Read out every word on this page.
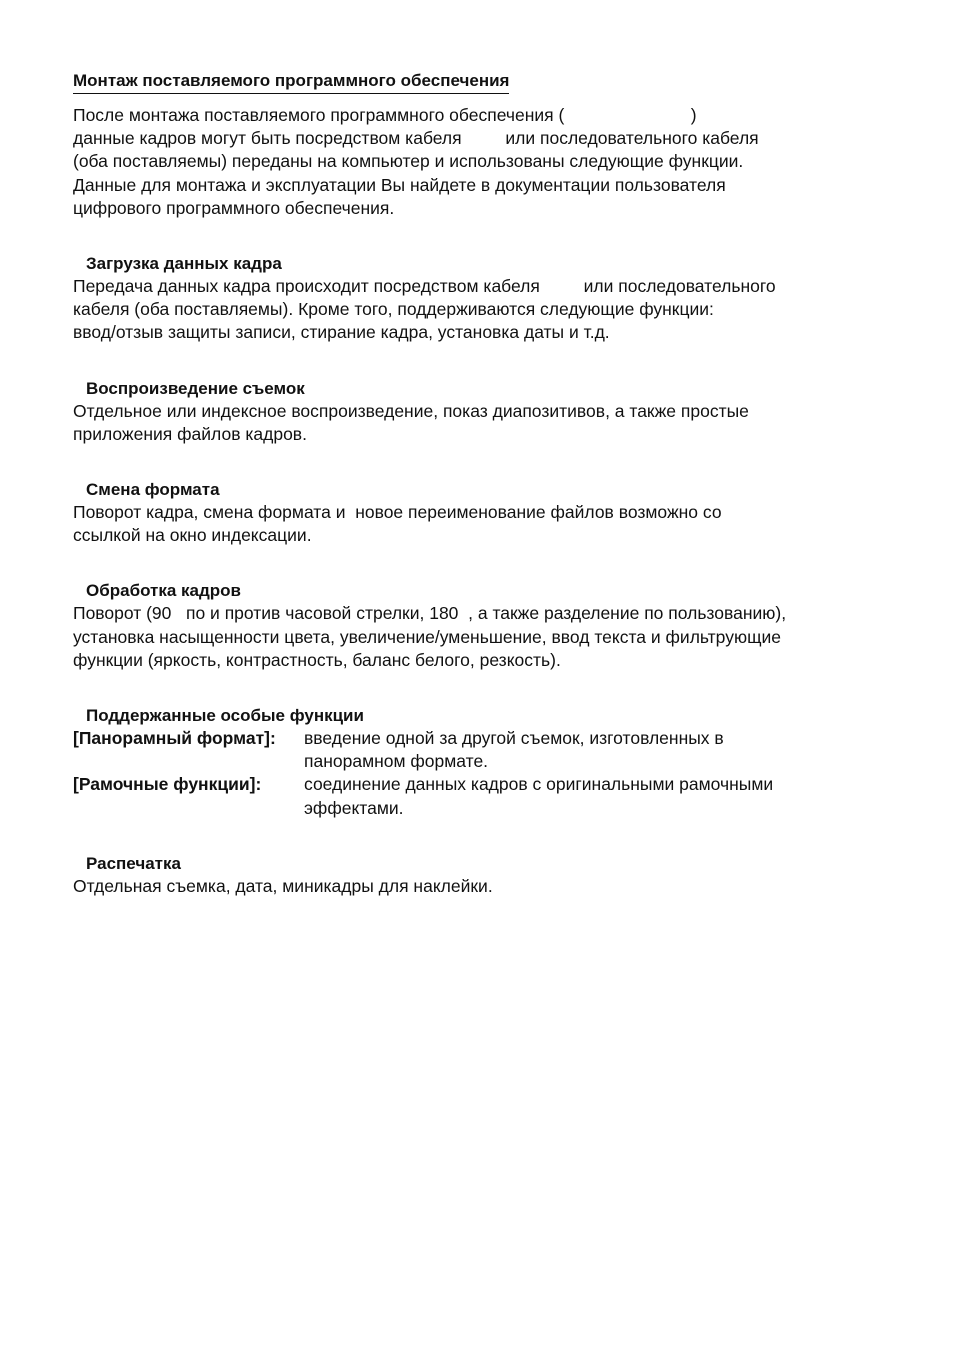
Монтаж поставляемого программного обеспечения

После монтажа поставляемого программного обеспечения (                          )
данные кадров могут быть посредством кабеля         или последовательного кабеля
(оба поставляемы) переданы на компьютер и использованы следующие функции.
Данные для монтажа и эксплуатации Вы найдете в документации пользователя
цифрового программного обеспечения.

Загрузка данных кадра

Передача данных кадра происходит посредством кабеля         или последовательного
кабеля (оба поставляемы). Кроме того, поддерживаются следующие функции:
ввод/отзыв защиты записи, стирание кадра, установка даты и т.д.

Воспроизведение съемок

Отдельное или индексное воспроизведение, показ диапозитивов, а также простые
приложения файлов кадров.

Смена формата

Поворот кадра, смена формата и  новое переименование файлов возможно со
ссылкой на окно индексации.

Обработка кадров

Поворот (90   по и против часовой стрелки, 180  , а также разделение по пользованию),
установка насыщенности цвета, увеличение/уменьшение, ввод текста и фильтрующие
функции (яркость, контрастность, баланс белого, резкость).

Поддержанные особые функции
[Панорамный формат]:	введение одной за другой съемок, изготовленных в
панорамном формате.
[Рамочные функции]:	соединение данных кадров с оригинальными рамочными
эффектами.
Распечатка

Отдельная съемка, дата, миникадры для наклейки.
